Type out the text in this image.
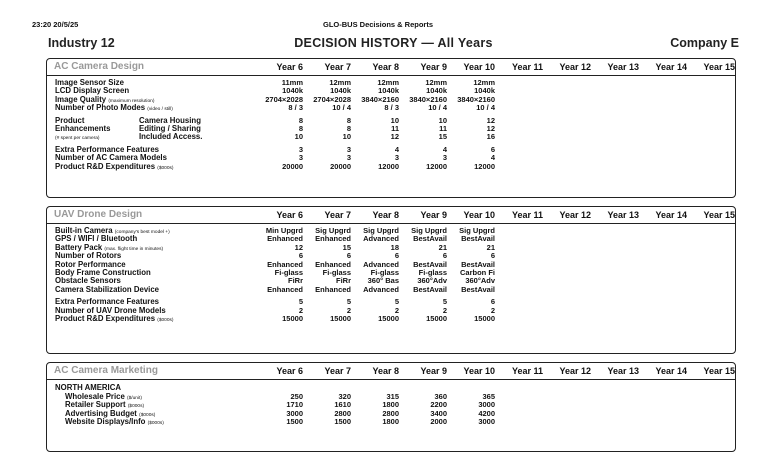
23:20 20/5/25	GLO-BUS Decisions & Reports
Industry 12	DECISION HISTORY — All Years	Company E
AC Camera Design	Year 6	Year 7	Year 8	Year 9	Year 10	Year 11	Year 12	Year 13	Year 14	Year 15
Image Sensor Size	11mm	12mm	12mm	12mm	12mm
LCD Display Screen	1040k	1040k	1040k	1040k	1040k
Image Quality (maximum resolution)	2704×2028	2704×2028	3840×2160	3840×2160	3840×2160
Number of Photo Modes (video / still)	8 / 3	10 / 4	8 / 3	10 / 4	10 / 4
Product	Camera Housing	8	8	10	10	12
Enhancements	Editing / Sharing	8	8	11	11	12
(# spent per camera)	Included Access.	10	10	12	15	16
Extra Performance Features	3	3	4	4	6
Number of AC Camera Models	3	3	3	3	4
Product R&D Expenditures ($000s)	20000	20000	12000	12000	12000
UAV Drone Design	Year 6	Year 7	Year 8	Year 9	Year 10	Year 11	Year 12	Year 13	Year 14	Year 15
Built-in Camera (company's best model +)	Min Upgrd	Sig Upgrd	Sig Upgrd	Sig Upgrd	Sig Upgrd
GPS / WIFI / Bluetooth	Enhanced	Enhanced	Advanced	BestAvail	BestAvail
Battery Pack (max. flight time in minutes)	12	15	18	21	21
Number of Rotors	6	6	6	6	6
Rotor Performance	Enhanced	Enhanced	Advanced	BestAvail	BestAvail
Body Frame Construction	Fi-glass	Fi-glass	Fi-glass	Fi-glass	Carbon Fi
Obstacle Sensors	FiRr	FiRr	360° Bas	360°Adv	360°Adv
Camera Stabilization Device	Enhanced	Enhanced	Advanced	BestAvail	BestAvail
Extra Performance Features	5	5	5	5	6
Number of UAV Drone Models	2	2	2	2	2
Product R&D Expenditures ($000s)	15000	15000	15000	15000	15000
AC Camera Marketing	Year 6	Year 7	Year 8	Year 9	Year 10	Year 11	Year 12	Year 13	Year 14	Year 15
NORTH AMERICA
Wholesale Price ($/unit)	250	320	315	360	365
Retailer Support ($000s)	1710	1610	1800	2200	3000
Advertising Budget ($000s)	3000	2800	2800	3400	4200
Website Displays/Info ($000s)	1500	1500	1800	2000	3000
